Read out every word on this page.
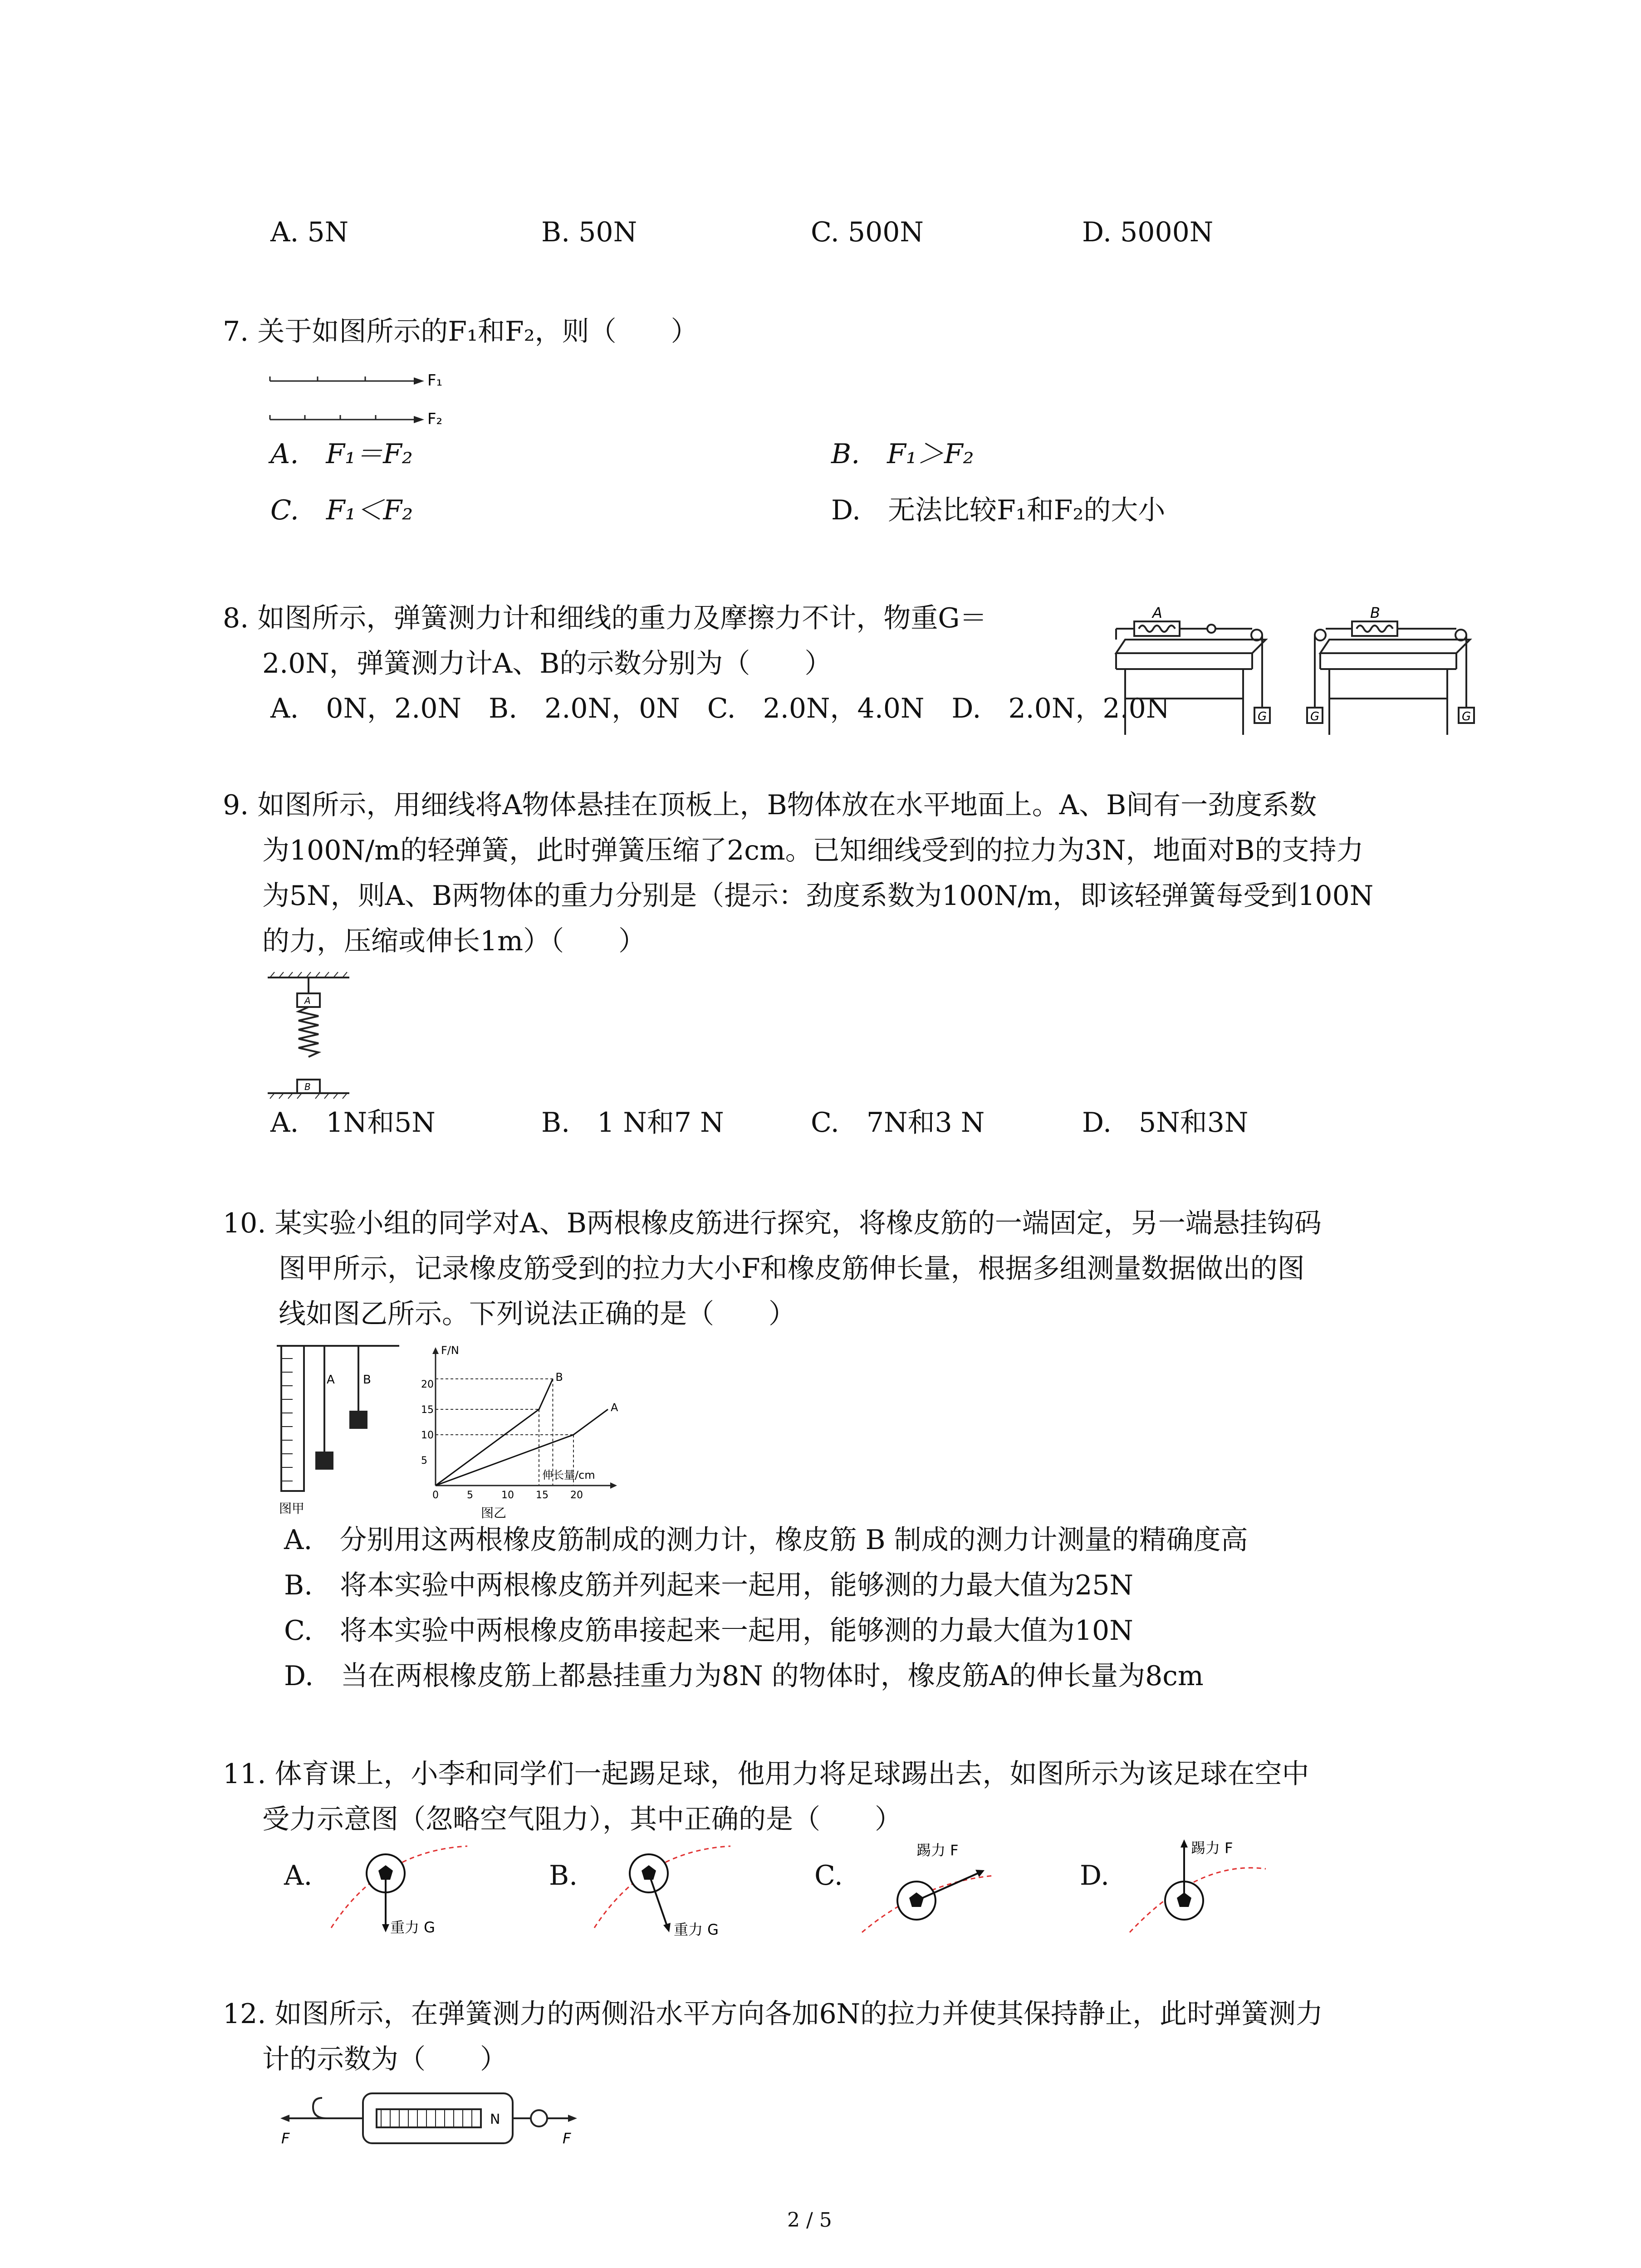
A. 5N	B. 50N	C. 500N	D. 5000N
7. 关于如图所示的F₁和F₂，则（　　）
F₁
F₂
A.　F₁＝F₂	B.　F₁＞F₂
C.　F₁＜F₂	D.　无法比较F₁和F₂的大小
8. 如图所示，弹簧测力计和细线的重力及摩擦力不计，物重G＝
2.0N，弹簧测力计A、B的示数分别为（　　）
A.　0N，2.0N　B.　2.0N，0N　C.　2.0N，4.0N　D.　2.0N，2.0N
A	B
G	G	G
9. 如图所示，用细线将A物体悬挂在顶板上，B物体放在水平地面上。A、B间有一劲度系数
为100N/m的轻弹簧，此时弹簧压缩了2cm。已知细线受到的拉力为3N，地面对B的支持力
为5N，则A、B两物体的重力分别是（提示：劲度系数为100N/m，即该轻弹簧每受到100N
的力，压缩或伸长1m）（　　）
A
B
A.　1N和5N	B.　1 N和7 N	C.　7N和3 N	D.　5N和3N
10. 某实验小组的同学对A、B两根橡皮筋进行探究，将橡皮筋的一端固定，另一端悬挂钩码
图甲所示，记录橡皮筋受到的拉力大小F和橡皮筋伸长量，根据多组测量数据做出的图
线如图乙所示。下列说法正确的是（　　）
A B
图甲
F/N
伸长量/cm
0	5	10 15 20
5
10
15
20
A
B
图乙
A.　分别用这两根橡皮筋制成的测力计，橡皮筋 B 制成的测力计测量的精确度高
B.　将本实验中两根橡皮筋并列起来一起用，能够测的力最大值为25N
C.　将本实验中两根橡皮筋串接起来一起用，能够测的力最大值为10N
D.　当在两根橡皮筋上都悬挂重力为8N 的物体时，橡皮筋A的伸长量为8cm
11. 体育课上，小李和同学们一起踢足球，他用力将足球踢出去，如图所示为该足球在空中
受力示意图（忽略空气阻力），其中正确的是（　　）
A.
重力 G
B.
重力 G
C.
踢力 F
D.
踢力 F
12. 如图所示，在弹簧测力的两侧沿水平方向各加6N的拉力并使其保持静止，此时弹簧测力
计的示数为（　　）
N
F	F
2 / 5
